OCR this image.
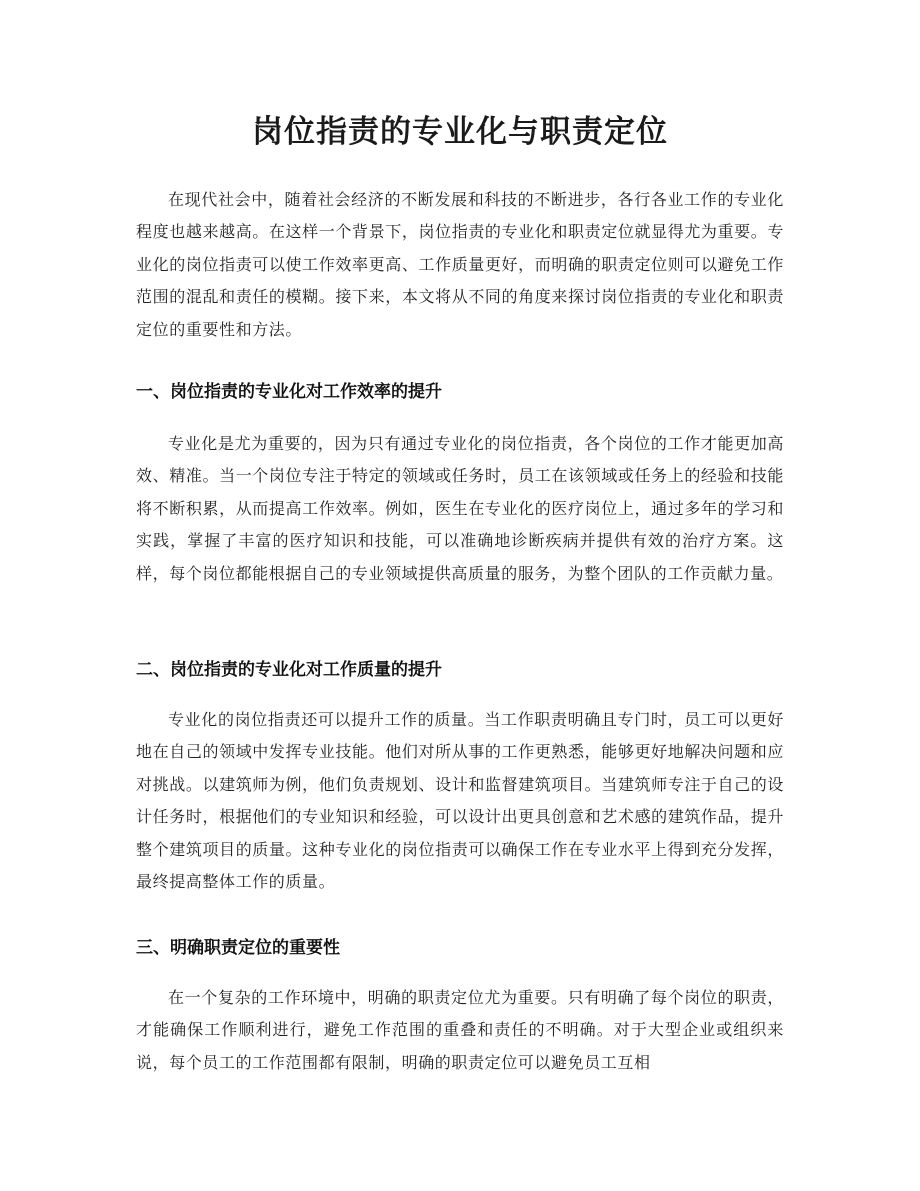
岗位指责的专业化与职责定位

在现代社会中，随着社会经济的不断发展和科技的不断进步，各行各业工作的专业化程度也越来越高。在这样一个背景下，岗位指责的专业化和职责定位就显得尤为重要。专业化的岗位指责可以使工作效率更高、工作质量更好，而明确的职责定位则可以避免工作范围的混乱和责任的模糊。接下来，本文将从不同的角度来探讨岗位指责的专业化和职责定位的重要性和方法。

一、岗位指责的专业化对工作效率的提升

专业化是尤为重要的，因为只有通过专业化的岗位指责，各个岗位的工作才能更加高效、精准。当一个岗位专注于特定的领域或任务时，员工在该领域或任务上的经验和技能将不断积累，从而提高工作效率。例如，医生在专业化的医疗岗位上，通过多年的学习和实践，掌握了丰富的医疗知识和技能，可以准确地诊断疾病并提供有效的治疗方案。这样，每个岗位都能根据自己的专业领域提供高质量的服务，为整个团队的工作贡献力量。

二、岗位指责的专业化对工作质量的提升

专业化的岗位指责还可以提升工作的质量。当工作职责明确且专门时，员工可以更好地在自己的领域中发挥专业技能。他们对所从事的工作更熟悉，能够更好地解决问题和应对挑战。以建筑师为例，他们负责规划、设计和监督建筑项目。当建筑师专注于自己的设计任务时，根据他们的专业知识和经验，可以设计出更具创意和艺术感的建筑作品，提升整个建筑项目的质量。这种专业化的岗位指责可以确保工作在专业水平上得到充分发挥，最终提高整体工作的质量。

三、明确职责定位的重要性

在一个复杂的工作环境中，明确的职责定位尤为重要。只有明确了每个岗位的职责，才能确保工作顺利进行，避免工作范围的重叠和责任的不明确。对于大型企业或组织来说，每个员工的工作范围都有限制，明确的职责定位可以避免员工互相
